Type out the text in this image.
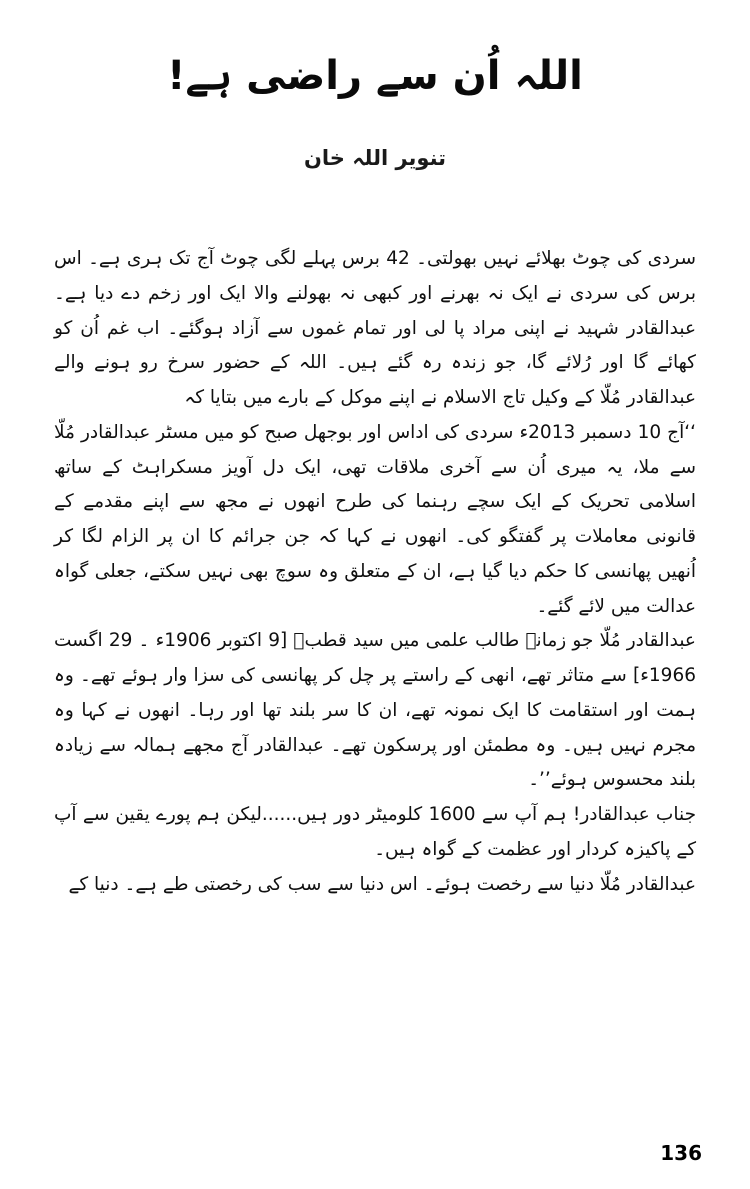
اللہ اُن سے راضی ہے!
تنویر اللہ خان

سردی کی چوٹ بھلائے نہیں بھولتی۔ 42 برس پہلے لگی چوٹ آج تک ہری ہے۔ اس برس کی سردی نے ایک نہ بھرنے اور کبھی نہ بھولنے والا ایک اور زخم دے دیا ہے۔ عبدالقادر شہید نے اپنی مراد پا لی اور تمام غموں سے آزاد ہوگئے۔ اب غم اُن کو کھائے گا اور رُلائے گا، جو زندہ رہ گئے ہیں۔ اللہ کے حضور سرخ رو ہونے والے عبدالقادر مُلّا کے وکیل تاج الاسلام نے اپنے موکل کے بارے میں بتایا کہ

‘‘آج 10 دسمبر 2013ء سردی کی اداس اور بوجھل صبح کو میں مسٹر عبدالقادر مُلّا سے ملا، یہ میری اُن سے آخری ملاقات تھی، ایک دل آویز مسکراہٹ کے ساتھ اسلامی تحریک کے ایک سچے رہنما کی طرح انھوں نے مجھ سے اپنے مقدمے کے قانونی معاملات پر گفتگو کی۔ انھوں نے کہا کہ جن جرائم کا ان پر الزام لگا کر اُنھیں پھانسی کا حکم دیا گیا ہے، ان کے متعلق وہ سوچ بھی نہیں سکتے، جعلی گواہ عدالت میں لائے گئے۔

عبدالقادر مُلّا جو زمانہ طالب علمی میں سید قطبؒ [9 اکتوبر 1906ء ۔ 29 اگست 1966ء] سے متاثر تھے، انھی کے راستے پر چل کر پھانسی کی سزا وار ہوئے تھے۔ وہ ہمت اور استقامت کا ایک نمونہ تھے، ان کا سر بلند تھا اور رہا۔ انھوں نے کہا وہ مجرم نہیں ہیں۔ وہ مطمئن اور پرسکون تھے۔ عبدالقادر آج مجھے ہمالہ سے زیادہ بلند محسوس ہوئے’’۔

جناب عبدالقادر! ہم آپ سے 1600 کلومیٹر دور ہیں......لیکن ہم پورے یقین سے آپ کے پاکیزہ کردار اور عظمت کے گواہ ہیں۔

عبدالقادر مُلّا دنیا سے رخصت ہوئے۔ اس دنیا سے سب کی رخصتی طے ہے۔ دنیا کے

136
